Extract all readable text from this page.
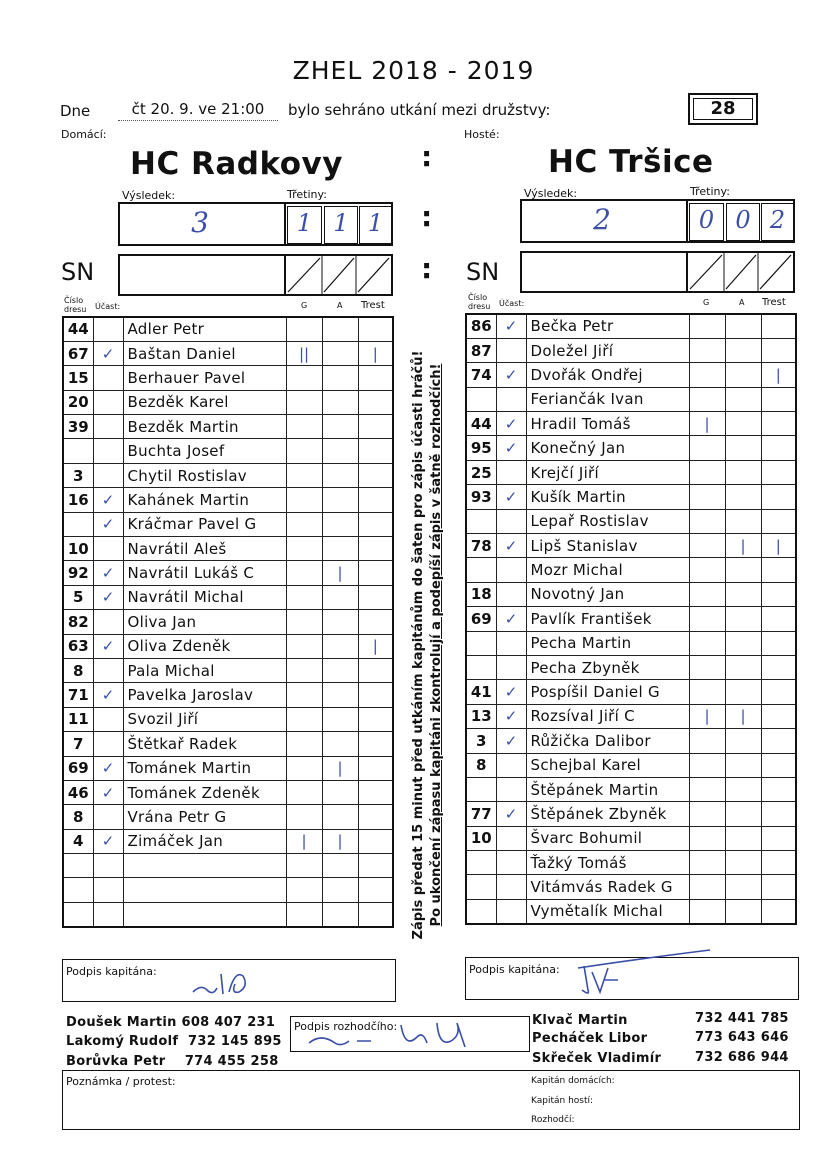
ZHEL 2018 - 2019
Dne	čt 20. 9. ve 21:00	bylo sehráno utkání mezi družstvy:	28
Domácí:	Hosté:
HC Radkovy	HC Tršice
:
Výsledek:	Třetiny:	Výsledek:	Třetiny:
3	1 1 1 :	2	0 0 2
SN	: SN
Číslo dresu Účast:	G	A Trest
Číslo dresu Účast:	G	A Trest
44		Adler Petr			
67	✓	Baštan Daniel	||		|
15		Berhauer Pavel			
20		Bezděk Karel			
39		Bezděk Martin			
		Buchta Josef			
3		Chytil Rostislav			
16	✓	Kahánek Martin			
	✓	Kráčmar Pavel G			
10		Navrátil Aleš			
92	✓	Navrátil Lukáš C		|	
5	✓	Navrátil Michal			
82		Oliva Jan			
63	✓	Oliva Zdeněk			|
8		Pala Michal			
71	✓	Pavelka Jaroslav			
11		Svozil Jiří			
7		Štětkař Radek			
69	✓	Tománek Martin		|	
46	✓	Tománek Zdeněk			
8		Vrána Petr G			
4	✓	Zimáček Jan	|	|	

86	✓	Bečka Petr			
87		Doležel Jiří			
74	✓	Dvořák Ondřej			|
		Feriančák Ivan			
44	✓	Hradil Tomáš	|		
95	✓	Konečný Jan			
25		Krejčí Jiří			
93	✓	Kušík Martin			
		Lepař Rostislav			
78	✓	Lipš Stanislav		|	|
		Mozr Michal			
18		Novotný Jan			
69	✓	Pavlík František			
		Pecha Martin			
		Pecha Zbyněk			
41	✓	Pospíšil Daniel G			
13	✓	Rozsíval Jiří C	|	|	
3	✓	Růžička Dalibor			
8		Schejbal Karel			
		Štěpánek Martin			
77	✓	Štěpánek Zbyněk			
10		Švarc Bohumil			
		Ťažký Tomáš			
		Vitámvás Radek G			
		Vymětalík Michal			
Zápis předat 15 minut před utkáním kapitánům do šaten pro zápis účasti hráčů! Po ukončení zápasu kapitáni zkontrolují a podepíší zápis v šatně rozhodčích!
Podpis kapitána:	Podpis kapitána:
Doušek Martin 608 407 231
Lakomý Rudolf 732 145 895
Borůvka Petr 774 455 258
Podpis rozhodčího:	Klvač Martin	732 441 785
Pecháček Libor	773 643 646
Skřeček Vladimír	732 686 944
Poznámka / protest:	Kapitán domácích:
Kapitán hostí:
Rozhodčí:
